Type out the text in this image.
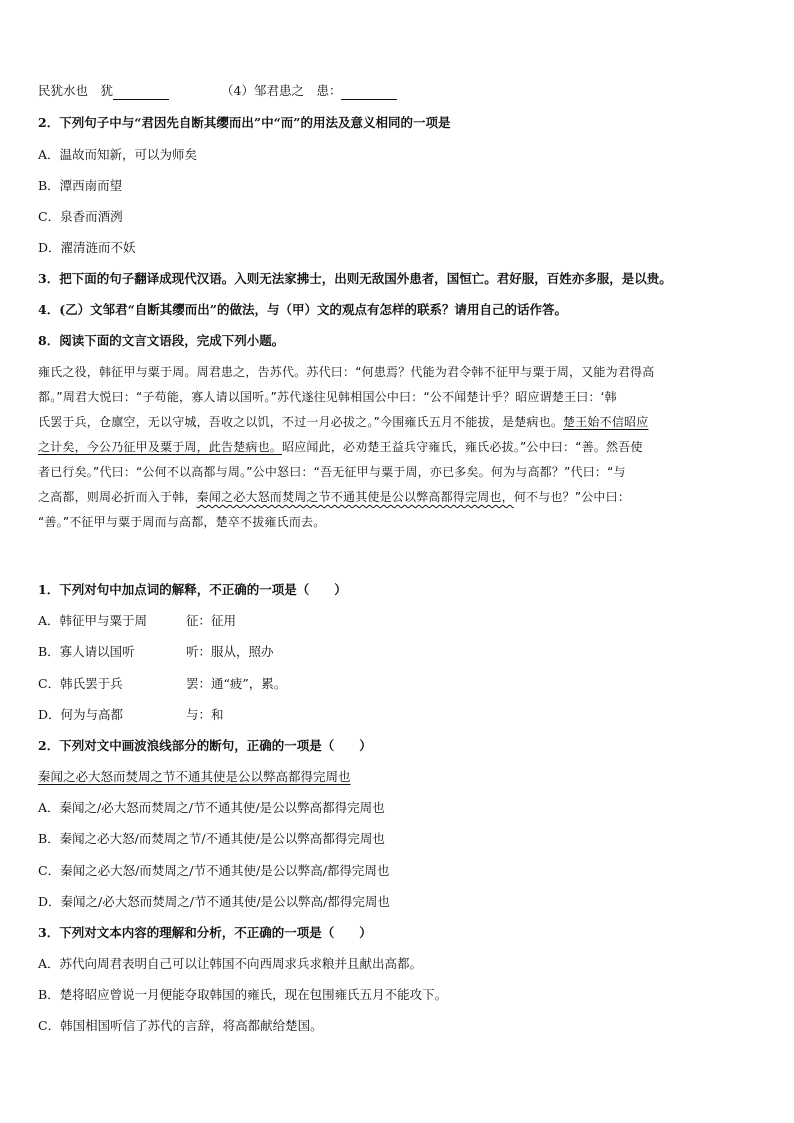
民犹水也　犹	（4）邹君患之　患：
2．下列句子中与“君因先自断其缨而出”中“而”的用法及意义相同的一项是
A．温故而知新，可以为师矣
B．潭西南而望
C．泉香而酒洌
D．濯清涟而不妖
3．把下面的句子翻译成现代汉语。入则无法家拂士，出则无敌国外患者，国恒亡。君好服，百姓亦多服，是以贵。
4．(乙）文邹君“自断其缨而出”的做法，与（甲）文的观点有怎样的联系？请用自己的话作答。
8．阅读下面的文言文语段，完成下列小题。
雍氏之役，韩征甲与粟于周。周君患之，告苏代。苏代曰：“何患焉？代能为君令韩不征甲与粟于周，又能为君得高
都。”周君大悦曰：“子苟能，寡人请以国听。”苏代遂往见韩相国公中曰：“公不闻楚计乎？昭应谓楚王曰：‘韩
氏罢于兵，仓廪空，无以守城，吾收之以饥，不过一月必拔之。”今围雍氏五月不能拔，是楚病也。楚王始不信昭应
之计矣，今公乃征甲及粟于周，此告楚病也。昭应闻此，必劝楚王益兵守雍氏，雍氏必拔。”公中曰：“善。然吾使
者已行矣。”代曰：“公何不以高都与周。”公中怒曰：“吾无征甲与粟于周，亦已多矣。何为与高都？”代曰：“与
之高都，则周必折而入于韩，秦闻之必大怒而焚周之节不通其使是公以弊高都得完周也，何不与也？”公中曰：
“善。”不征甲与粟于周而与高都，楚卒不拔雍氏而去。
1．下列对句中加点词的解释，不正确的一项是（　　）
A．韩征甲与粟于周	征：征用
B．寡人请以国听	听：服从，照办
C．韩氏罢于兵	罢：通“疲”，累。
D．何为与高都	与：和
2．下列对文中画波浪线部分的断句，正确的一项是（　　）
秦闻之必大怒而焚周之节不通其使是公以弊高都得完周也
A．秦闻之/必大怒而焚周之/节不通其使/是公以弊高都得完周也
B．秦闻之必大怒/而焚周之节/不通其使/是公以弊高都得完周也
C．秦闻之必大怒/而焚周之/节不通其使/是公以弊高/都得完周也
D．秦闻之/必大怒而焚周之/节不通其使/是公以弊高/都得完周也
3．下列对文本内容的理解和分析，不正确的一项是（　　）
A．苏代向周君表明自己可以让韩国不向西周求兵求粮并且献出高都。
B．楚将昭应曾说一月便能夺取韩国的雍氏，现在包围雍氏五月不能攻下。
C．韩国相国听信了苏代的言辞，将高都献给楚国。
